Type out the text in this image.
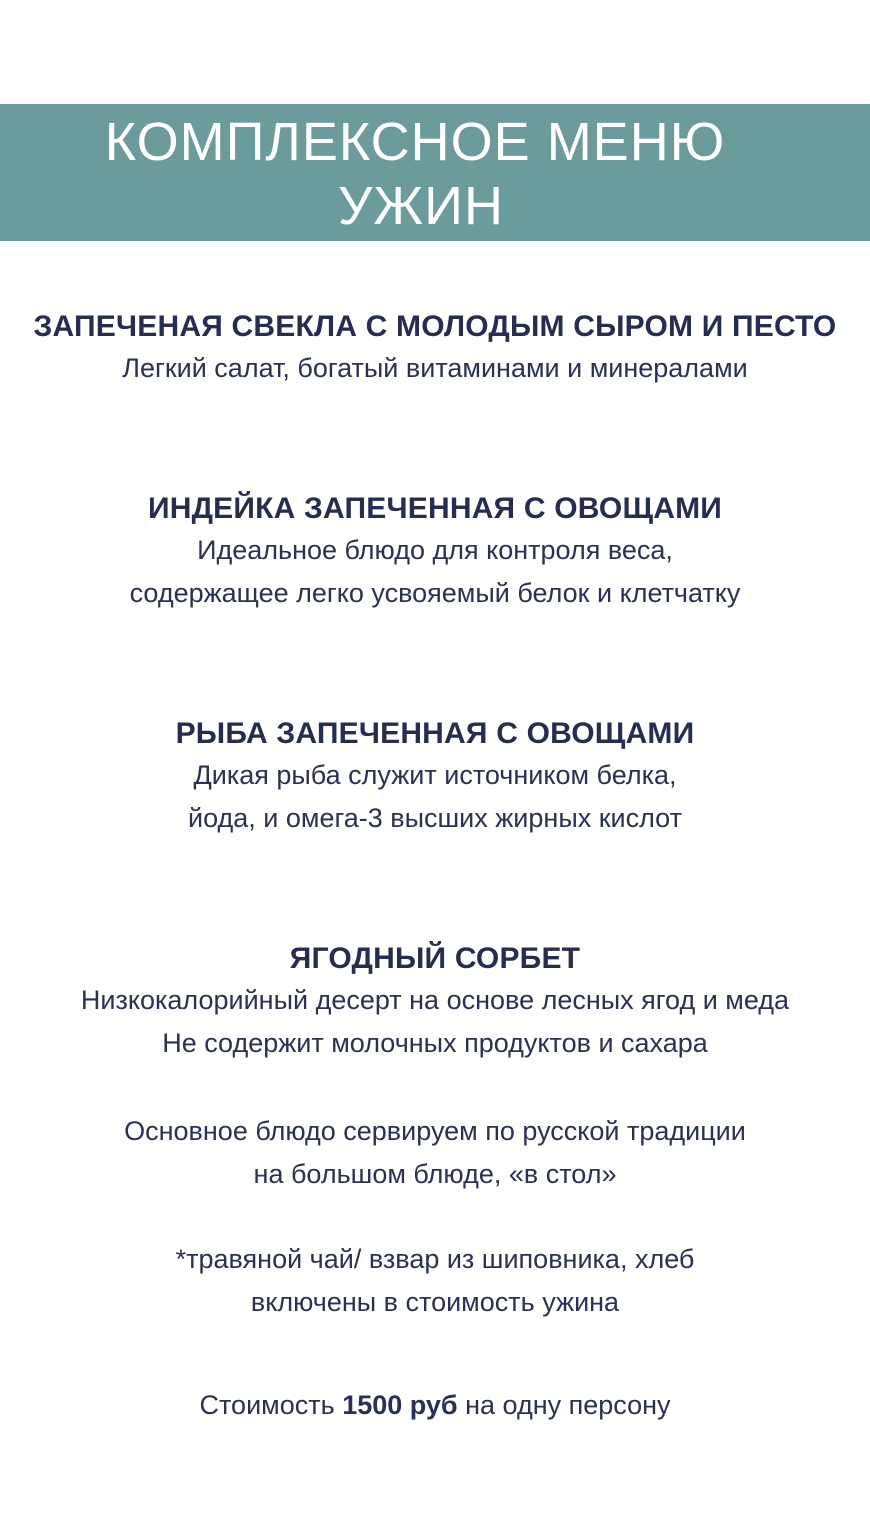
КОМПЛЕКСНОЕ МЕНЮ
УЖИН
ЗАПЕЧЕНАЯ СВЕКЛА С МОЛОДЫМ СЫРОМ И ПЕСТО
Легкий салат, богатый витаминами и минералами
ИНДЕЙКА ЗАПЕЧЕННАЯ С ОВОЩАМИ
Идеальное блюдо для контроля веса,
содержащее легко усвояемый белок и клетчатку
РЫБА ЗАПЕЧЕННАЯ С ОВОЩАМИ
Дикая рыба служит источником белка,
йода, и омега-3 высших жирных кислот
ЯГОДНЫЙ СОРБЕТ
Низкокалорийный десерт на основе лесных ягод и меда
Не содержит молочных продуктов и сахара
Основное блюдо сервируем по русской традиции
на большом блюде, «в стол»
*травяной чай/ взвар из шиповника, хлеб
включены в стоимость ужина
Стоимость 1500 руб на одну персону
